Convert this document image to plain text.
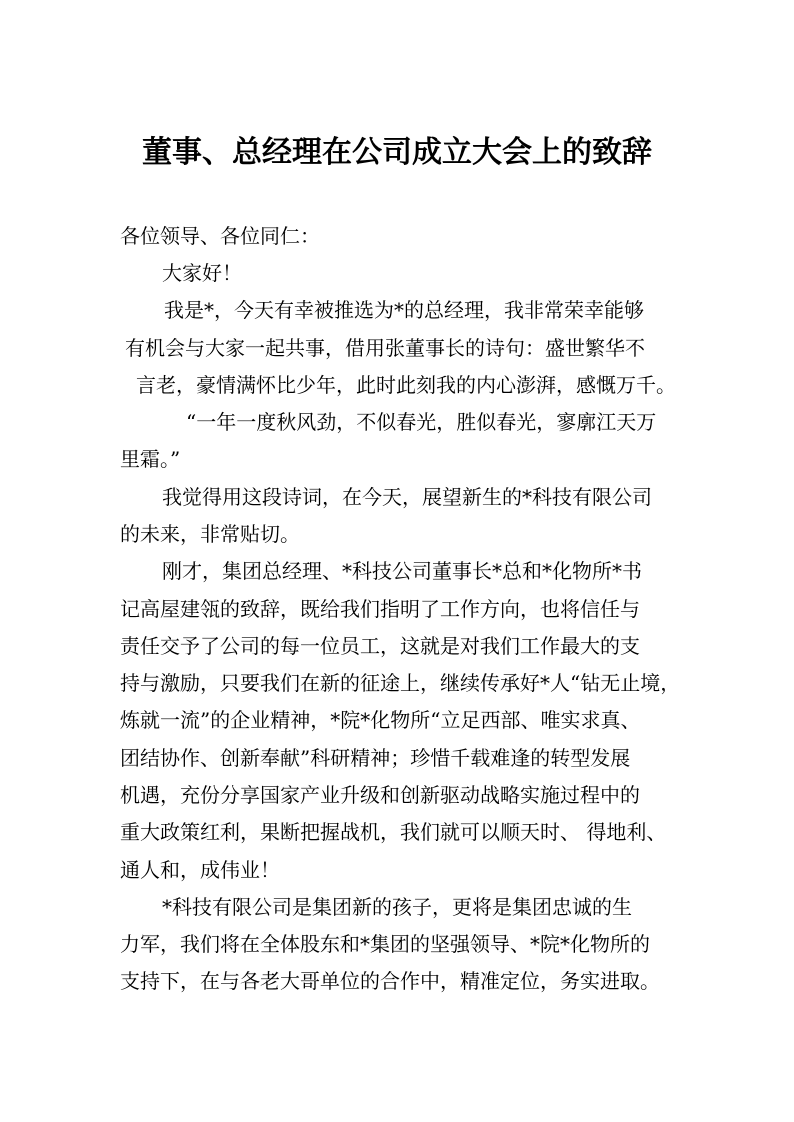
董事、总经理在公司成立大会上的致辞
各位领导、各位同仁：
大家好！
我是*，今天有幸被推选为*的总经理，我非常荣幸能够
有机会与大家一起共事，借用张董事长的诗句：盛世繁华不
言老，豪情满怀比少年，此时此刻我的内心澎湃，感慨万千。
“一年一度秋风劲，不似春光，胜似春光，寥廓江天万
里霜。”
我觉得用这段诗词，在今天，展望新生的*科技有限公司
的未来，非常贴切。
刚才，集团总经理、*科技公司董事长*总和*化物所*书
记高屋建瓴的致辞，既给我们指明了工作方向，也将信任与
责任交予了公司的每一位员工，这就是对我们工作最大的支
持与激励，只要我们在新的征途上，继续传承好*人“钻无止境，
炼就一流”的企业精神，*院*化物所“立足西部、唯实求真、
团结协作、创新奉献”科研精神；珍惜千载难逢的转型发展
机遇，充份分享国家产业升级和创新驱动战略实施过程中的
重大政策红利，果断把握战机，我们就可以顺天时、 得地利、
通人和，成伟业！
*科技有限公司是集团新的孩子，更将是集团忠诚的生
力军，我们将在全体股东和*集团的坚强领导、*院*化物所的
支持下，在与各老大哥单位的合作中，精准定位，务实进取。
